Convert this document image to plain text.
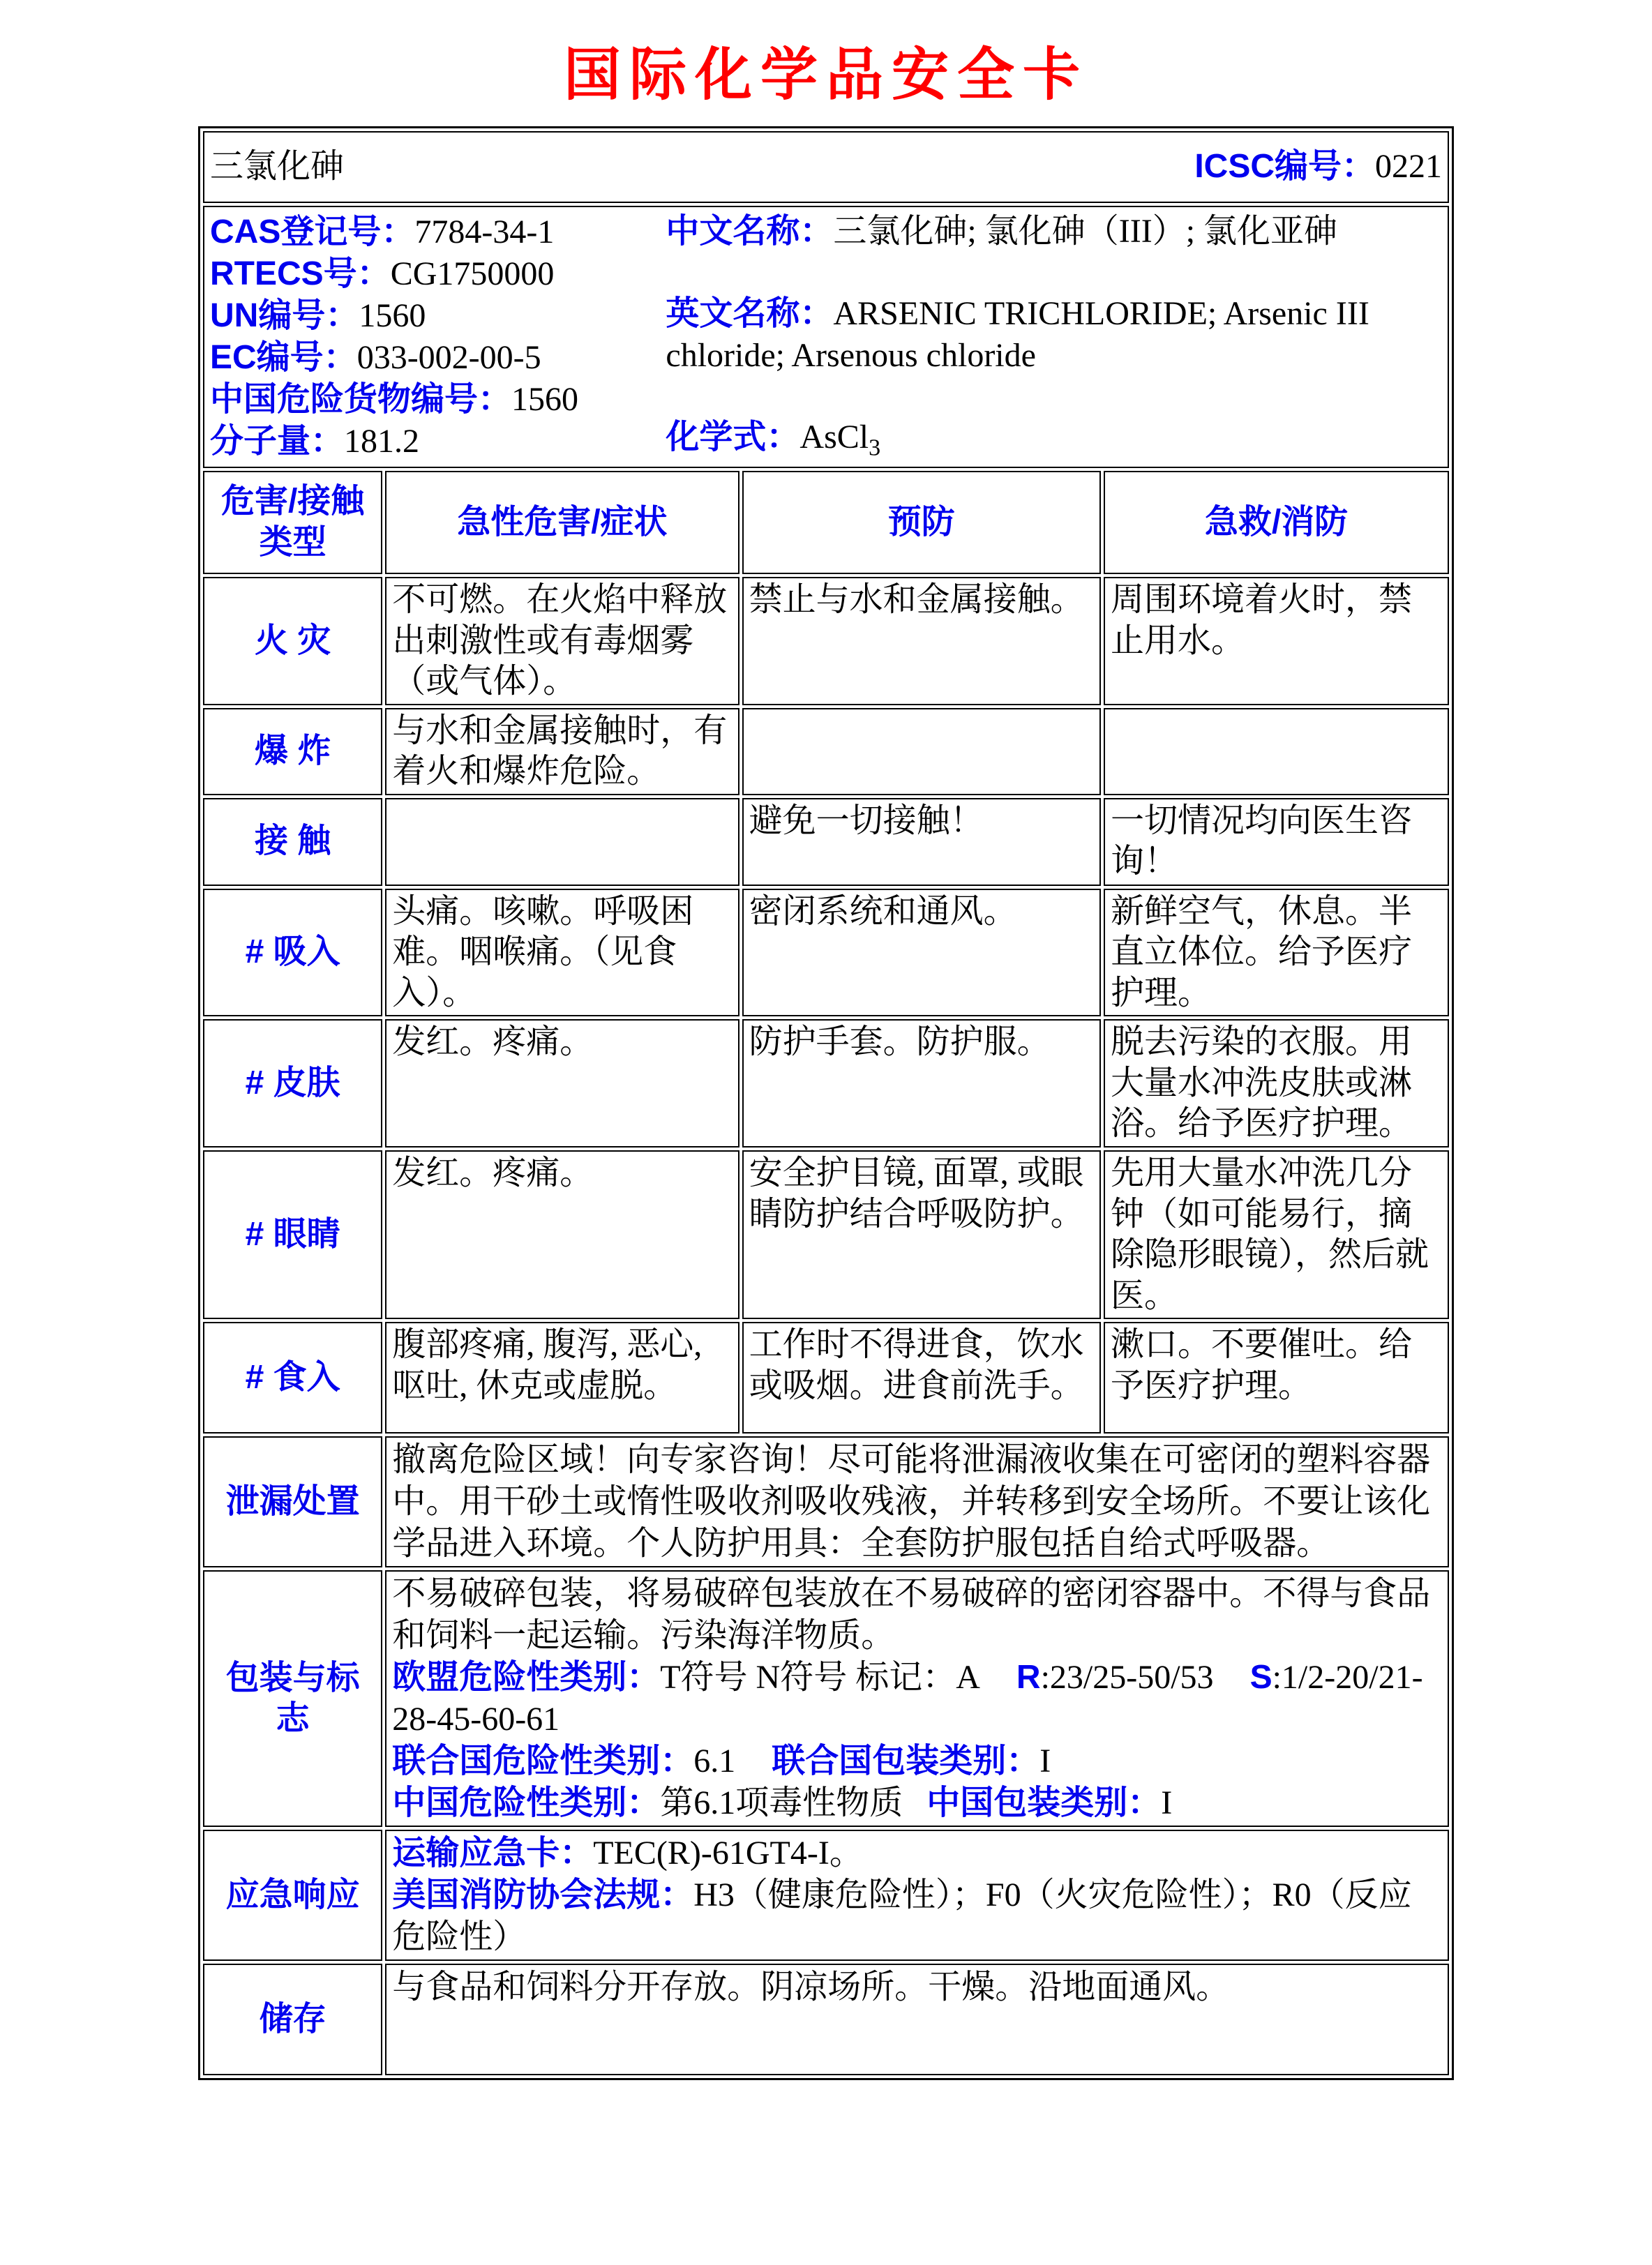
国际化学品安全卡
三氯化砷 ICSC编号：0221			

CAS登记号：7784-34-1
RTECS号：CG1750000
UN编号：1560
EC编号：033-002-00-5
中国危险货物编号：1560
分子量：181.2
中文名称：三氯化砷; 氯化砷（III）; 氯化亚砷
英文名称：ARSENIC TRICHLORIDE; Arsenic III chloride; Arsenous chloride
化学式：AsCl$_3$

危害/接触
类型	急性危害/症状	预防	急救/消防
火 灾	不可燃。在火焰中释放出刺激性或有毒烟雾（或气体）。	禁止与水和金属接触。	周围环境着火时，禁止用水。
爆 炸	与水和金属接触时，有着火和爆炸危险。		
接 触		避免一切接触！	一切情况均向医生咨询！
# 吸入	头痛。咳嗽。呼吸困难。咽喉痛。（见食入）。	密闭系统和通风。	新鲜空气，休息。半直立体位。给予医疗护理。
# 皮肤	发红。疼痛。	防护手套。防护服。	脱去污染的衣服。用大量水冲洗皮肤或淋浴。给予医疗护理。
# 眼睛	发红。疼痛。	安全护目镜, 面罩, 或眼睛防护结合呼吸防护。	先用大量水冲洗几分钟（如可能易行，摘除隐形眼镜），然后就医。
# 食入	腹部疼痛, 腹泻, 恶心, 呕吐, 休克或虚脱。	工作时不得进食，饮水或吸烟。进食前洗手。	漱口。不要催吐。给予医疗护理。
泄漏处置	撤离危险区域！向专家咨询！尽可能将泄漏液收集在可密闭的塑料容器中。用干砂土或惰性吸收剂吸收残液，并转移到安全场所。不要让该化学品进入环境。个人防护用具：全套防护服包括自给式呼吸器。		

包装与标志	不易破碎包装，将易破碎包装放在不易破碎的密闭容器中。不得与食品和饲料一起运输。污染海洋物质。
欧盟危险性类别：T符号 N符号 标记：A R:23/25-50/53 S:1/2-20/21-28-45-60-61
联合国危险性类别：6.1 联合国包装类别：I
中国危险性类别：第6.1项毒性物质 中国包装类别：I		

应急响应	运输应急卡：TEC(R)-61GT4-I。
美国消防协会法规：H3（健康危险性）；F0（火灾危险性）；R0（反应危险性）		

储存	与食品和饲料分开存放。阴凉场所。干燥。沿地面通风。		
